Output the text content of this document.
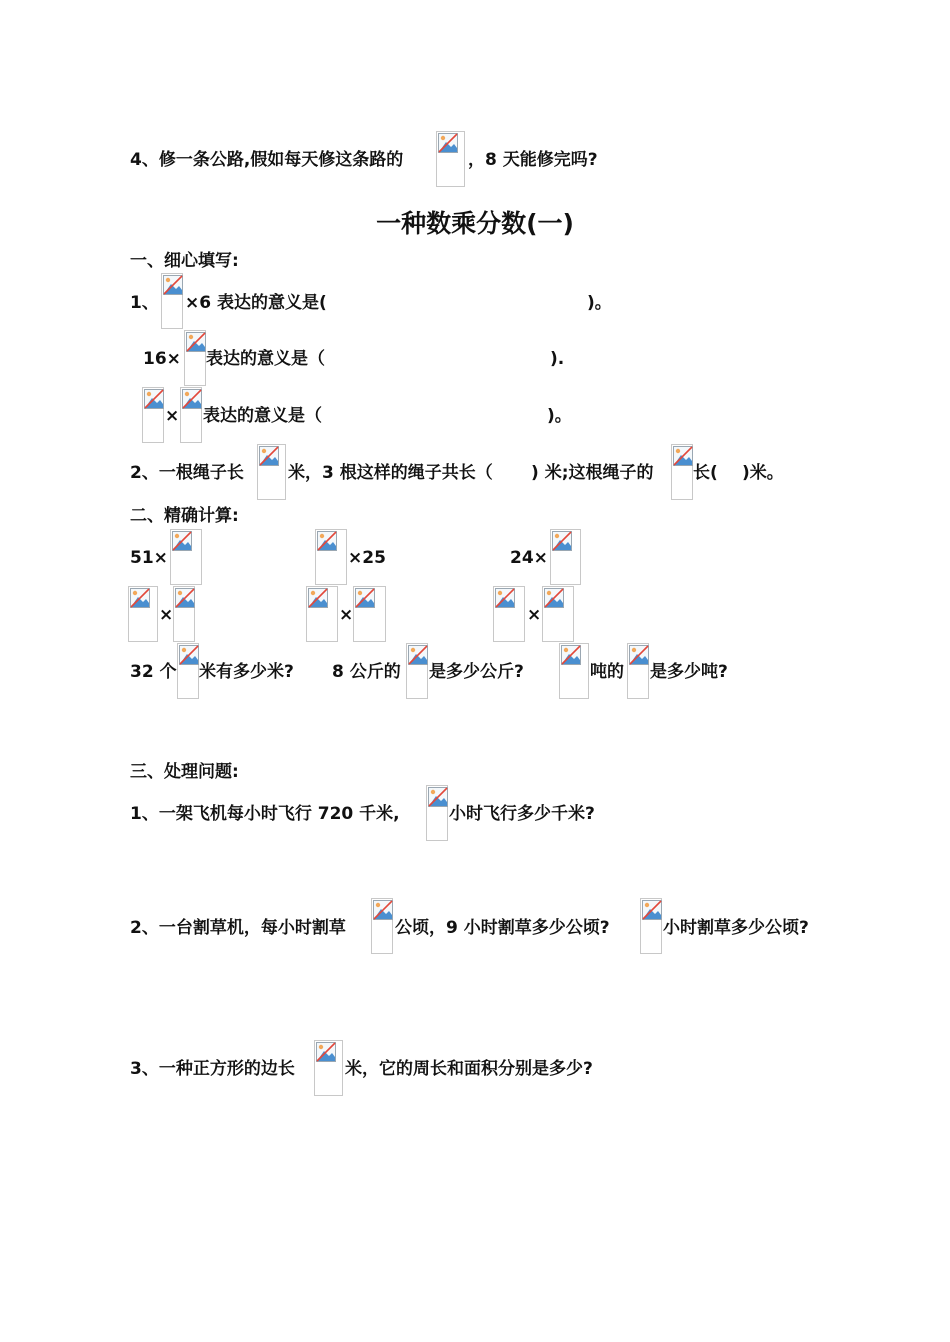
4、修一条公路,假如每天修这条路的	，8 天能修完吗?
一种数乘分数(一)
一、细心填写:
1、 ×6 表达的意义是(	)。
16× 表达的意义是（	).
× 表达的意义是（	)。
2、一根绳子长	米，3 根这样的绳子共长（ ) 米;这根绳子的 长( )米。
二、精确计算:
51×	×25	24×
×	×	×
32 个 米有多少米? 8 公斤的 是多少公斤?	吨的 是多少吨?
三、处理问题:
1、一架飞机每小时飞行 720 千米,	小时飞行多少千米?
2、一台割草机，每小时割草	公顷，9 小时割草多少公顷?	小时割草多少公顷?
3、一种正方形的边长	米，它的周长和面积分别是多少?
